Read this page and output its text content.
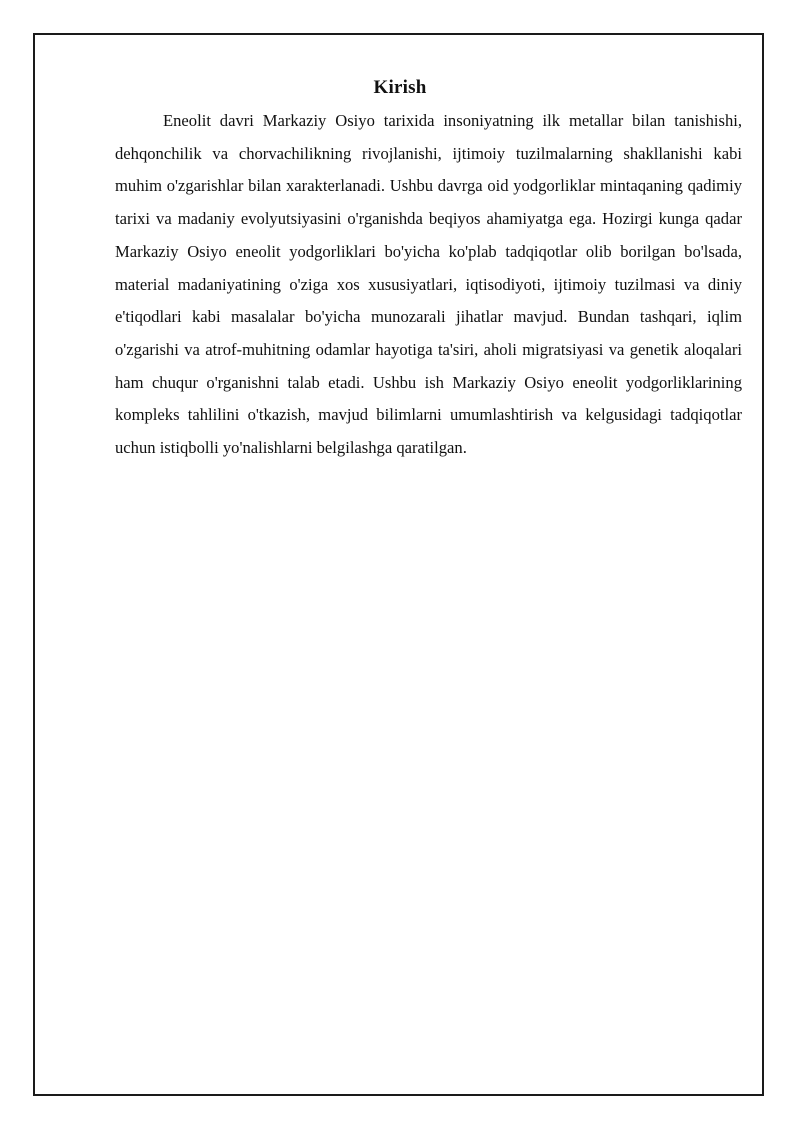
Kirish

Eneolit davri Markaziy Osiyo tarixida insoniyatning ilk metallar bilan tanishishi, dehqonchilik va chorvachilikning rivojlanishi, ijtimoiy tuzilmalarning shakllanishi kabi muhim o'zgarishlar bilan xarakterlanadi. Ushbu davrga oid yodgorliklar mintaqaning qadimiy tarixi va madaniy evolyutsiyasini o'rganishda beqiyos ahamiyatga ega. Hozirgi kunga qadar Markaziy Osiyo eneolit yodgorliklari bo'yicha ko'plab tadqiqotlar olib borilgan bo'lsada, material madaniyatining o'ziga xos xususiyatlari, iqtisodiyoti, ijtimoiy tuzilmasi va diniy e'tiqodlari kabi masalalar bo'yicha munozarali jihatlar mavjud. Bundan tashqari, iqlim o'zgarishi va atrof-muhitning odamlar hayotiga ta'siri, aholi migratsiyasi va genetik aloqalari ham chuqur o'rganishni talab etadi. Ushbu ish Markaziy Osiyo eneolit yodgorliklarining kompleks tahlilini o'tkazish, mavjud bilimlarni umumlashtirish va kelgusidagi tadqiqotlar uchun istiqbolli yo'nalishlarni belgilashga qaratilgan.
